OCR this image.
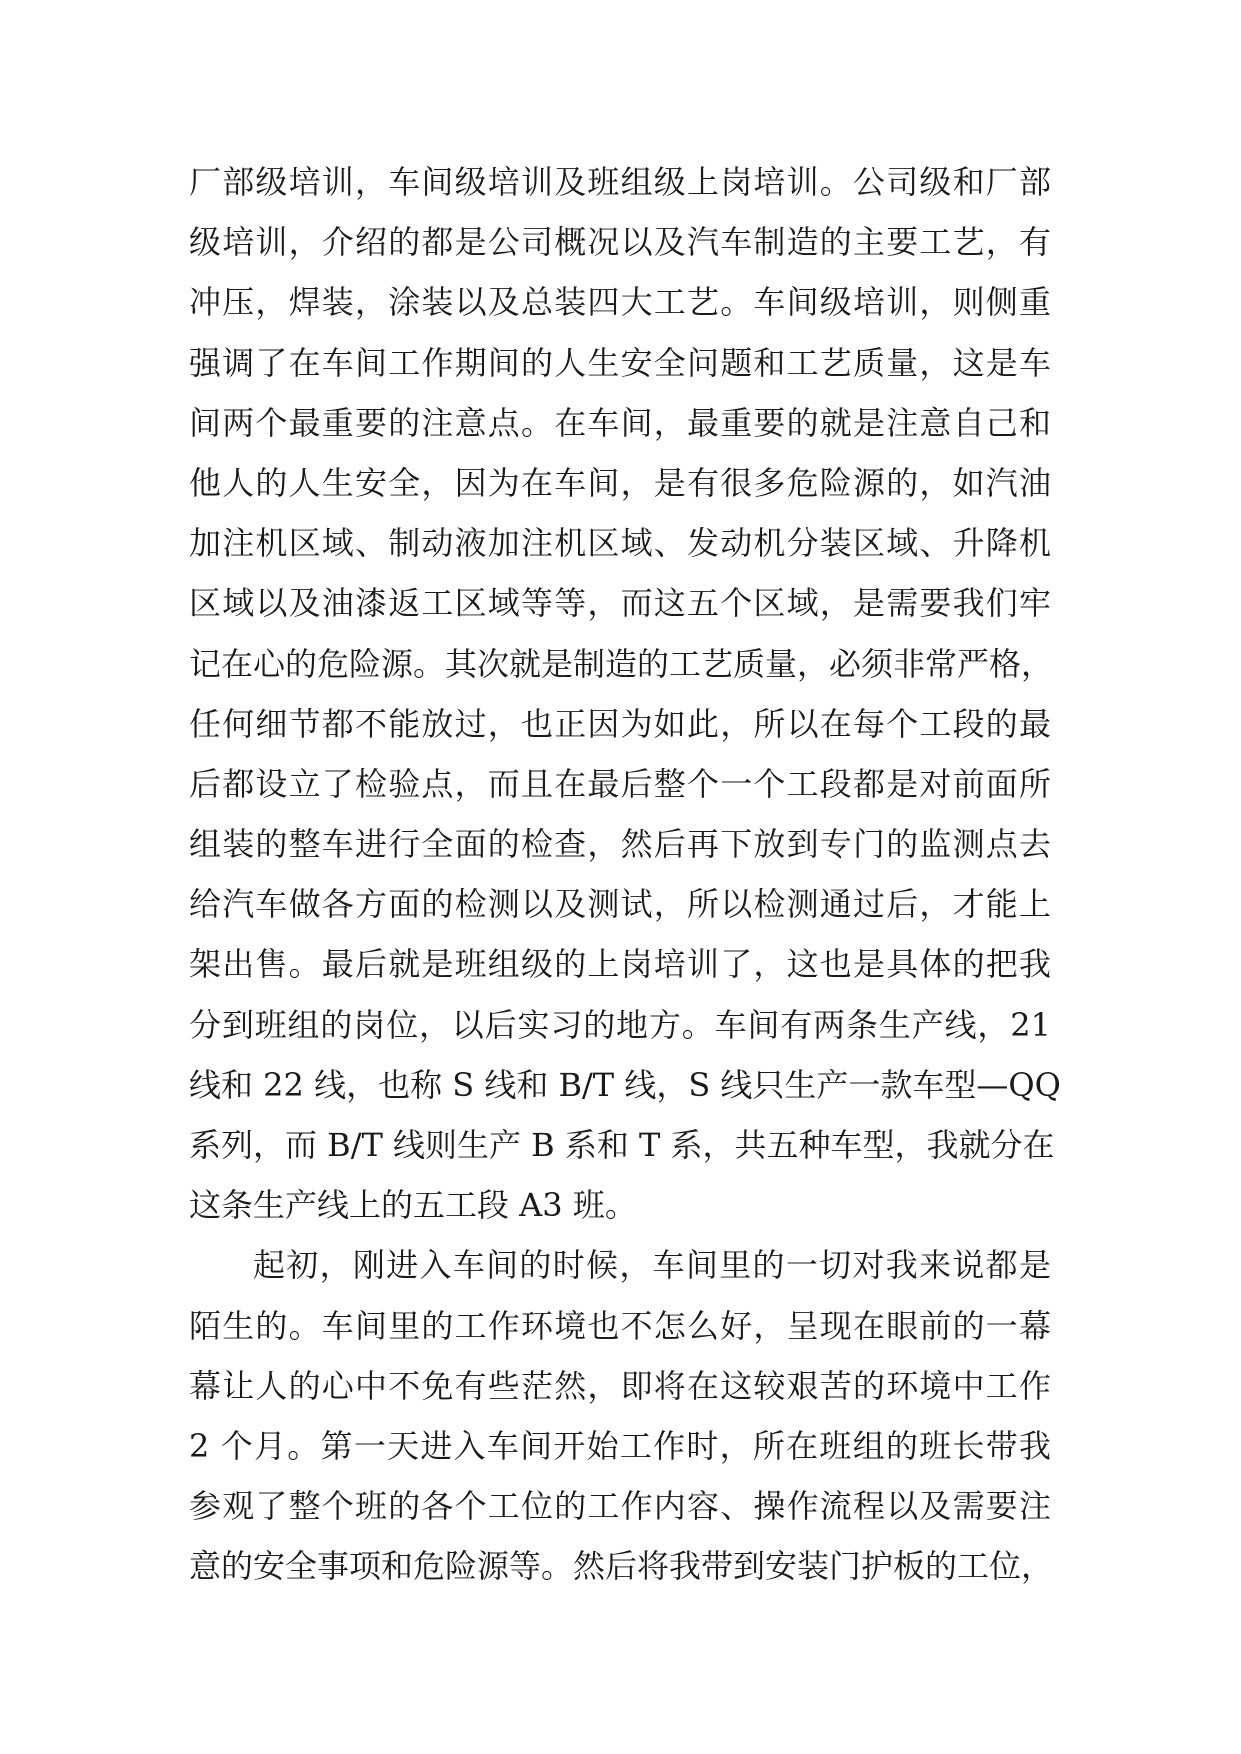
厂部级培训，车间级培训及班组级上岗培训。公司级和厂部
级培训，介绍的都是公司概况以及汽车制造的主要工艺，有
冲压，焊装，涂装以及总装四大工艺。车间级培训，则侧重
强调了在车间工作期间的人生安全问题和工艺质量，这是车
间两个最重要的注意点。在车间，最重要的就是注意自己和
他人的人生安全，因为在车间，是有很多危险源的，如汽油
加注机区域、制动液加注机区域、发动机分装区域、升降机
区域以及油漆返工区域等等，而这五个区域，是需要我们牢
记在心的危险源。其次就是制造的工艺质量，必须非常严格，
任何细节都不能放过，也正因为如此，所以在每个工段的最
后都设立了检验点，而且在最后整个一个工段都是对前面所
组装的整车进行全面的检查，然后再下放到专门的监测点去
给汽车做各方面的检测以及测试，所以检测通过后，才能上
架出售。最后就是班组级的上岗培训了，这也是具体的把我
分到班组的岗位，以后实习的地方。车间有两条生产线，21
线和 22 线，也称 S 线和 B/T 线，S 线只生产一款车型—QQ
系列，而 B/T 线则生产 B 系和 T 系，共五种车型，我就分在
这条生产线上的五工段 A3 班。
起初，刚进入车间的时候，车间里的一切对我来说都是
陌生的。车间里的工作环境也不怎么好，呈现在眼前的一幕
幕让人的心中不免有些茫然，即将在这较艰苦的环境中工作
2 个月。第一天进入车间开始工作时，所在班组的班长带我
参观了整个班的各个工位的工作内容、操作流程以及需要注
意的安全事项和危险源等。然后将我带到安装门护板的工位，
